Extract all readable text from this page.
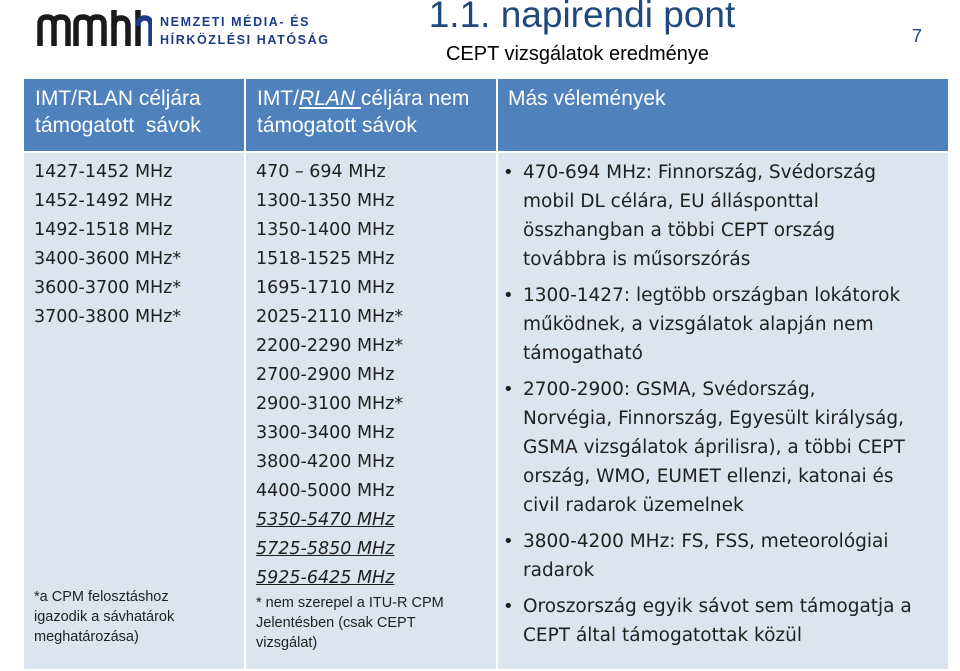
NEMZETI MÉDIA- ÉS
HÍRKÖZLÉSI HATÓSÁG
1.1. napirendi pont
CEPT vizsgálatok eredménye
7
IMT/RLAN céljára
támogatott  sávok
IMT/RLAN céljára nem
támogatott sávok
Más vélemények
1427-1452 MHz
1452-1492 MHz
1492-1518 MHz
3400-3600 MHz*
3600-3700 MHz*
3700-3800 MHz*
*a CPM felosztáshoz
igazodik a sávhatárok
meghatározása)
470 – 694 MHz
1300-1350 MHz
1350-1400 MHz
1518-1525 MHz
1695-1710 MHz
2025-2110 MHz*
2200-2290 MHz*
2700-2900 MHz
2900-3100 MHz*
3300-3400 MHz
3800-4200 MHz
4400-5000 MHz
5350-5470 MHz
5725-5850 MHz
5925-6425 MHz
* nem szerepel a ITU-R CPM
Jelentésben (csak CEPT
vizsgálat)
• 470-694 MHz: Finnország, Svédország
mobil DL célára, EU állásponttal
összhangban a többi CEPT ország
továbbra is műsorszórás
• 1300-1427: legtöbb országban lokátorok
működnek, a vizsgálatok alapján nem
támogatható
• 2700-2900: GSMA, Svédország,
Norvégia, Finnország, Egyesült királyság,
GSMA vizsgálatok áprilisra), a többi CEPT
ország, WMO, EUMET ellenzi, katonai és
civil radarok üzemelnek
• 3800-4200 MHz: FS, FSS, meteorológiai
radarok
• Oroszország egyik sávot sem támogatja a
CEPT által támogatottak közül
